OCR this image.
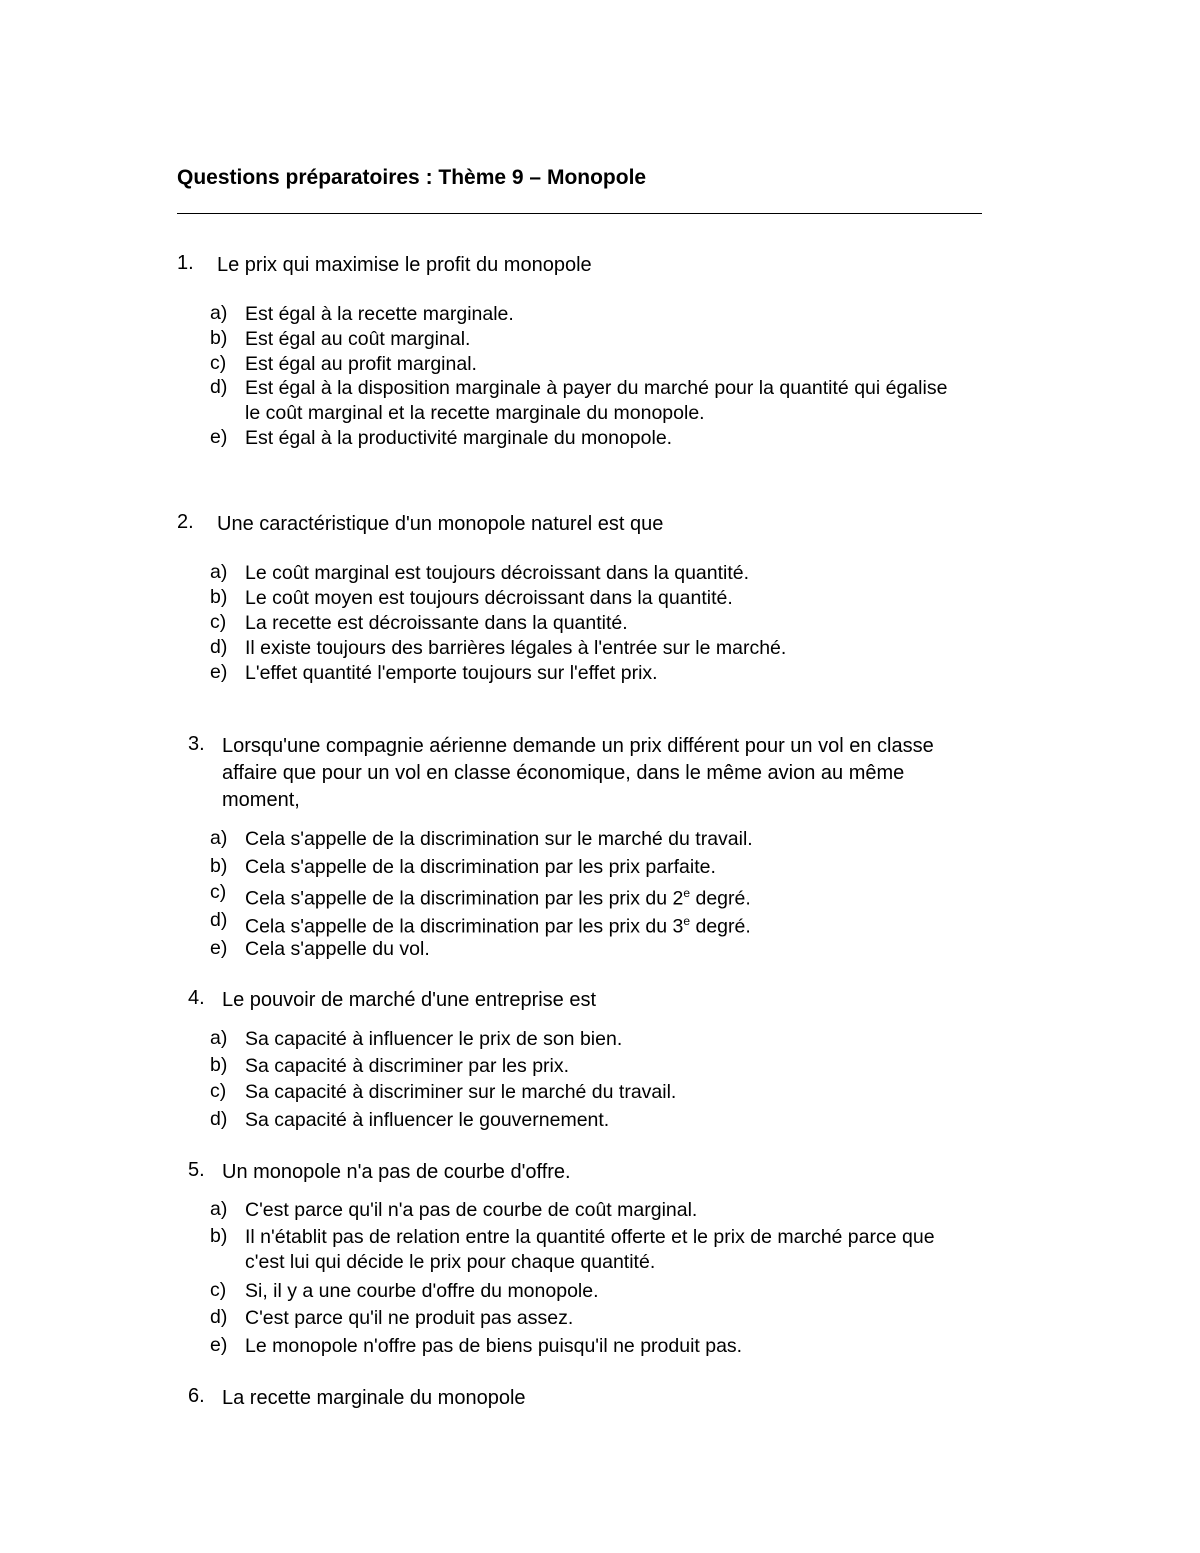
Questions préparatoires : Thème 9 – Monopole
1. Le prix qui maximise le profit du monopole
a) Est égal à la recette marginale.
b) Est égal au coût marginal.
c) Est égal au profit marginal.
d) Est égal à la disposition marginale à payer du marché pour la quantité qui égalise
le coût marginal et la recette marginale du monopole.
e) Est égal à la productivité marginale du monopole.
2. Une caractéristique d'un monopole naturel est que
a) Le coût marginal est toujours décroissant dans la quantité.
b) Le coût moyen est toujours décroissant dans la quantité.
c) La recette est décroissante dans la quantité.
d) Il existe toujours des barrières légales à l'entrée sur le marché.
e) L'effet quantité l'emporte toujours sur l'effet prix.
3. Lorsqu'une compagnie aérienne demande un prix différent pour un vol en classe
affaire que pour un vol en classe économique, dans le même avion au même
moment,
a) Cela s'appelle de la discrimination sur le marché du travail.
b) Cela s'appelle de la discrimination par les prix parfaite.
c) Cela s'appelle de la discrimination par les prix du 2e degré.
d) Cela s'appelle de la discrimination par les prix du 3e degré.
e) Cela s'appelle du vol.
4. Le pouvoir de marché d'une entreprise est
a) Sa capacité à influencer le prix de son bien.
b) Sa capacité à discriminer par les prix.
c) Sa capacité à discriminer sur le marché du travail.
d) Sa capacité à influencer le gouvernement.
5. Un monopole n'a pas de courbe d'offre.
a) C'est parce qu'il n'a pas de courbe de coût marginal.
b) Il n'établit pas de relation entre la quantité offerte et le prix de marché parce que
c'est lui qui décide le prix pour chaque quantité.
c) Si, il y a une courbe d'offre du monopole.
d) C'est parce qu'il ne produit pas assez.
e) Le monopole n'offre pas de biens puisqu'il ne produit pas.
6. La recette marginale du monopole
